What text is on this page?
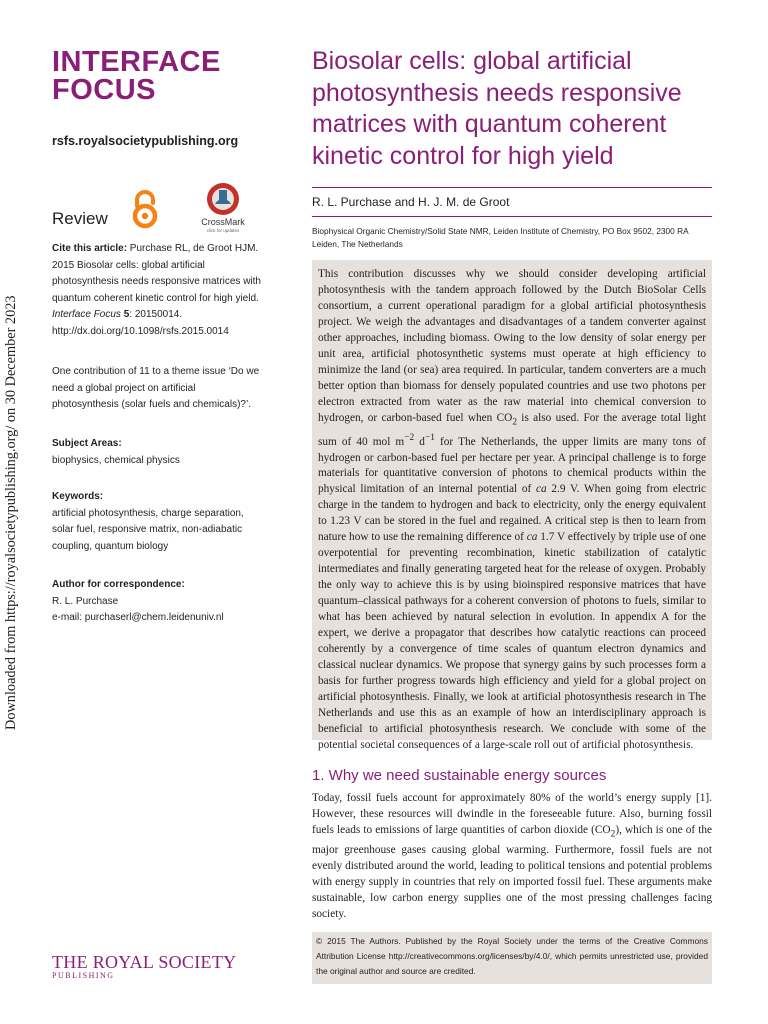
INTERFACE
FOCUS
rsfs.royalsocietypublishing.org
Review	CrossMark
click for updates
Cite this article: Purchase RL, de Groot HJM. 2015 Biosolar cells: global artificial photosynthesis needs responsive matrices with quantum coherent kinetic control for high yield. Interface Focus 5: 20150014. http://dx.doi.org/10.1098/rsfs.2015.0014
One contribution of 11 to a theme issue ‘Do we need a global project on artificial photosynthesis (solar fuels and chemicals)?’.
Subject Areas:
biophysics, chemical physics
Keywords:
artificial photosynthesis, charge separation, solar fuel, responsive matrix, non-adiabatic coupling, quantum biology
Author for correspondence:
R. L. Purchase
e-mail: purchaserl@chem.leidenuniv.nl
THE ROYAL SOCIETY
PUBLISHING
Downloaded from https://royalsocietypublishing.org/ on 30 December 2023
Biosolar cells: global artificial photosynthesis needs responsive matrices with quantum coherent kinetic control for high yield
R. L. Purchase and H. J. M. de Groot
Biophysical Organic Chemistry/Solid State NMR, Leiden Institute of Chemistry, PO Box 9502, 2300 RA Leiden, The Netherlands
This contribution discusses why we should consider developing artificial photosynthesis with the tandem approach followed by the Dutch BioSolar Cells consortium, a current operational paradigm for a global artificial photosynthesis project. We weigh the advantages and disadvantages of a tandem converter against other approaches, including biomass. Owing to the low density of solar energy per unit area, artificial photosynthetic systems must operate at high efficiency to minimize the land (or sea) area required. In particular, tandem converters are a much better option than biomass for densely populated countries and use two photons per electron extracted from water as the raw material into chemical conversion to hydrogen, or carbon-based fuel when $CO_2$ is also used. For the average total light sum of 40 mol $m^{-2}$ $d^{-1}$ for The Netherlands, the upper limits are many tons of hydrogen or carbon-based fuel per hectare per year. A principal challenge is to forge materials for quantitative conversion of photons to chemical products within the physical limitation of an internal potential of ca 2.9 V. When going from electric charge in the tandem to hydrogen and back to electricity, only the energy equivalent to 1.23 V can be stored in the fuel and regained. A critical step is then to learn from nature how to use the remaining difference of ca 1.7 V effectively by triple use of one overpotential for preventing recombination, kinetic stabilization of catalytic intermediates and finally generating targeted heat for the release of oxygen. Probably the only way to achieve this is by using bioinspired responsive matrices that have quantum–classical pathways for a coherent conversion of photons to fuels, similar to what has been achieved by natural selection in evolution. In appendix A for the expert, we derive a propagator that describes how catalytic reactions can proceed coherently by a convergence of time scales of quantum electron dynamics and classical nuclear dynamics. We propose that synergy gains by such processes form a basis for further progress towards high efficiency and yield for a global project on artificial photosynthesis. Finally, we look at artificial photosynthesis research in The Netherlands and use this as an example of how an interdisciplinary approach is beneficial to artificial photosynthesis research. We conclude with some of the potential societal consequences of a large-scale roll out of artificial photosynthesis.
1. Why we need sustainable energy sources
Today, fossil fuels account for approximately 80% of the world’s energy supply [1]. However, these resources will dwindle in the foreseeable future. Also, burning fossil fuels leads to emissions of large quantities of carbon dioxide $(CO_2)$, which is one of the major greenhouse gases causing global warming. Furthermore, fossil fuels are not evenly distributed around the world, leading to political tensions and potential problems with energy supply in countries that rely on imported fossil fuel. These arguments make sustainable, low carbon energy supplies one of the most pressing challenges facing society.
© 2015 The Authors. Published by the Royal Society under the terms of the Creative Commons Attribution License http://creativecommons.org/licenses/by/4.0/, which permits unrestricted use, provided the original author and source are credited.
